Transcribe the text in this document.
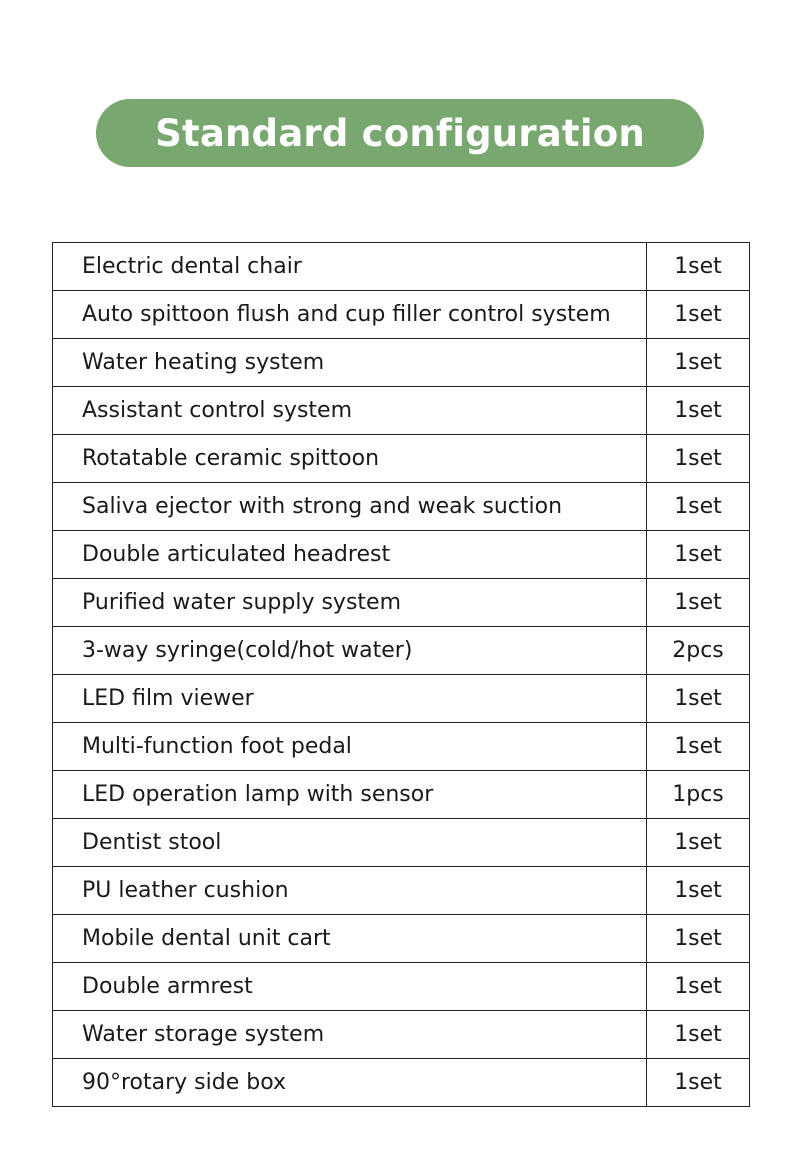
Standard configuration
Electric dental chair	1set
Auto spittoon flush and cup filler control system	1set
Water heating system	1set
Assistant control system	1set
Rotatable ceramic spittoon	1set
Saliva ejector with strong and weak suction	1set
Double articulated headrest	1set
Purified water supply system	1set
3-way syringe(cold/hot water)	2pcs
LED film viewer	1set
Multi-function foot pedal	1set
LED operation lamp with sensor	1pcs
Dentist stool	1set
PU leather cushion	1set
Mobile dental unit cart	1set
Double armrest	1set
Water storage system	1set
90°rotary side box	1set
